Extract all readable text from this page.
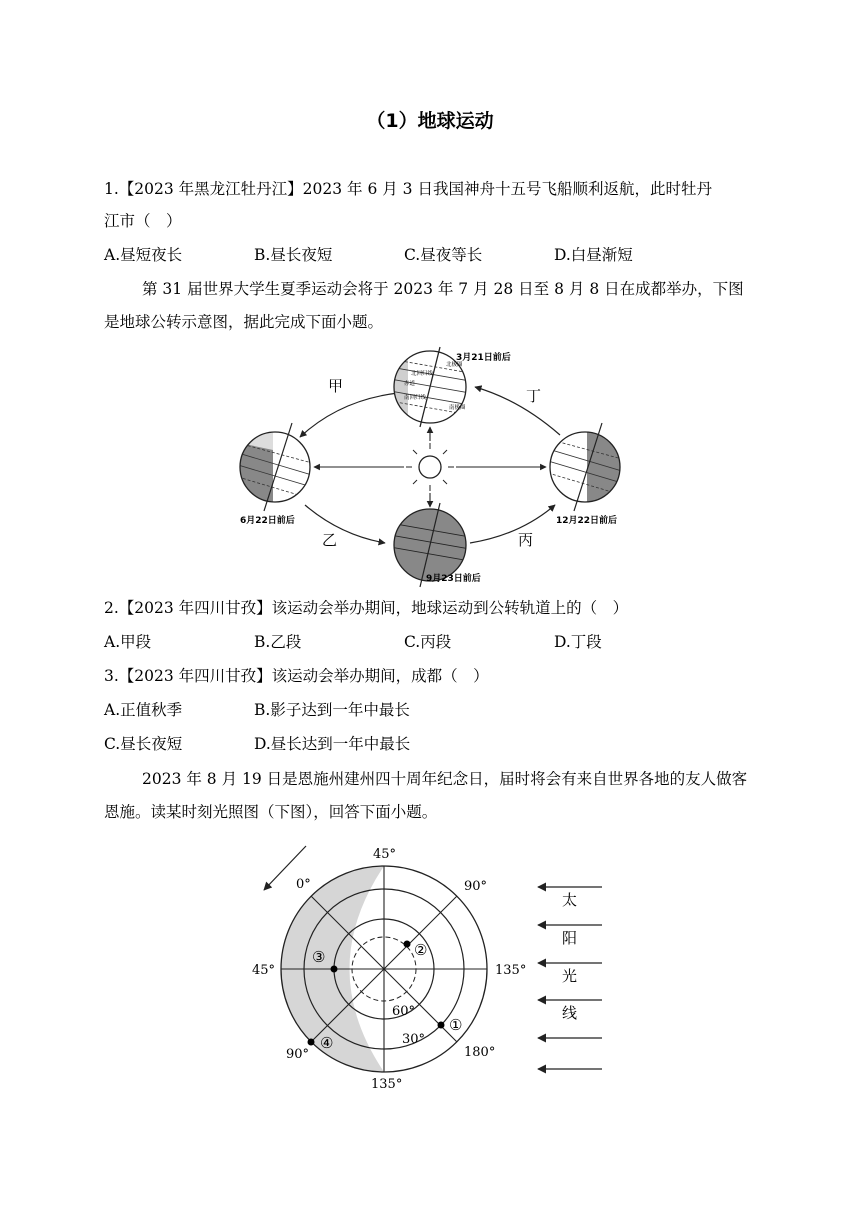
（1）地球运动
1.【2023 年黑龙江牡丹江】2023 年 6 月 3 日我国神舟十五号飞船顺利返航，此时牡丹
江市（　）
A.昼短夜长	B.昼长夜短	C.昼夜等长	D.白昼渐短
第 31 届世界大学生夏季运动会将于 2023 年 7 月 28 日至 8 月 8 日在成都举办，下图是地球公转示意图，据此完成下面小题。
甲
乙	丙
丁
北回归线
赤道
南回归线
北极圈
南极圈
3月21日前后
6月22日前后	12月22日前后
9月23日前后
2.【2023 年四川甘孜】该运动会举办期间，地球运动到公转轨道上的（　）
A.甲段	B.乙段	C.丙段	D.丁段
3.【2023 年四川甘孜】该运动会举办期间，成都（　）
A.正值秋季	B.影子达到一年中最长
C.昼长夜短	D.昼长达到一年中最长
2023 年 8 月 19 日是恩施州建州四十周年纪念日，届时将会有来自世界各地的友人做客恩施。读某时刻光照图（下图），回答下面小题。
45°
0°	90°
45°	135°
90°	180°
135°
60°
30°
①
②
③
④
太
阳
光
线
